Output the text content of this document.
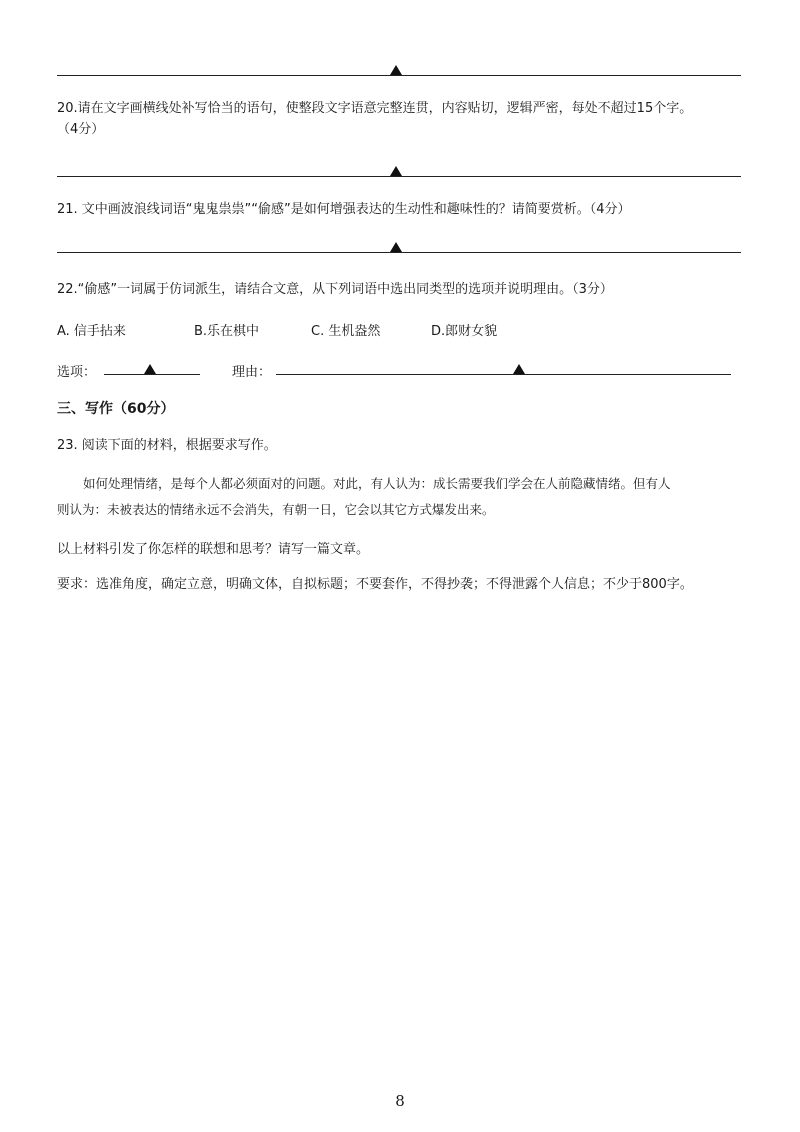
20.请在文字画横线处补写恰当的语句，使整段文字语意完整连贯，内容贴切，逻辑严密，每处不超过15个字。
（4分）
21. 文中画波浪线词语“鬼鬼祟祟”“偷感”是如何增强表达的生动性和趣味性的？请简要赏析。（4分）
22.“偷感”一词属于仿词派生，请结合文意，从下列词语中选出同类型的选项并说明理由。（3分）
A. 信手拈来	B.乐在棋中	C. 生机盎然	D.郎财女貌
选项：	理由：
三、写作（60分）
23. 阅读下面的材料，根据要求写作。
如何处理情绪，是每个人都必须面对的问题。对此，有人认为：成长需要我们学会在人前隐藏情绪。但有人
则认为：未被表达的情绪永远不会消失，有朝一日，它会以其它方式爆发出来。
以上材料引发了你怎样的联想和思考？请写一篇文章。
要求：选准角度，确定立意，明确文体，自拟标题；不要套作，不得抄袭；不得泄露个人信息；不少于800字。
8
